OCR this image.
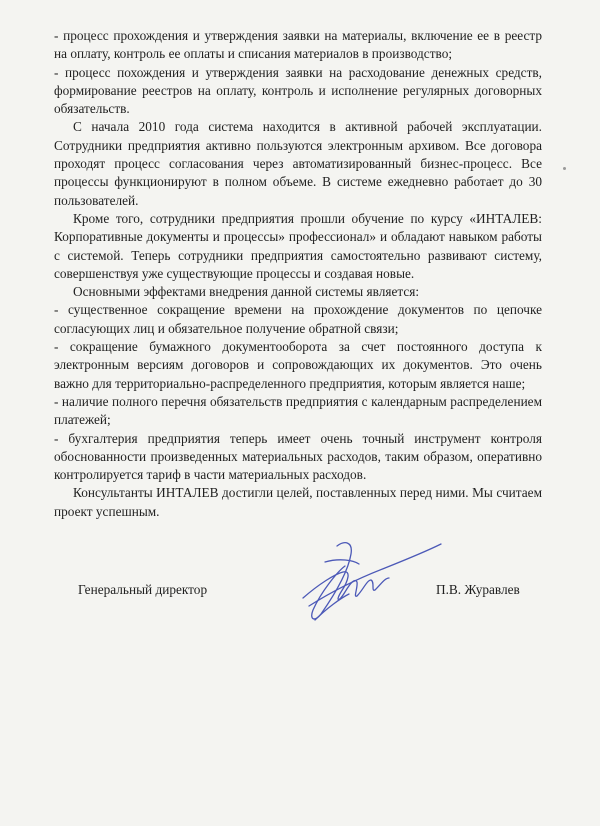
- процесс прохождения и утверждения заявки на материалы, включение ее в реестр на оплату, контроль ее оплаты и списания материалов в производство;

- процесс похождения и утверждения заявки на расходование денежных средств, формирование реестров на оплату, контроль и исполнение регулярных договорных обязательств.

С начала 2010 года система находится в активной рабочей эксплуатации. Сотрудники предприятия активно пользуются электронным архивом. Все договора проходят процесс согласования через автоматизированный бизнес-процесс. Все процессы функционируют в полном объеме. В системе ежедневно работает до 30 пользователей.

Кроме того, сотрудники предприятия прошли обучение по курсу «ИНТАЛЕВ: Корпоративные документы и процессы» профессионал» и обладают навыком работы с системой. Теперь сотрудники предприятия самостоятельно развивают систему, совершенствуя уже существующие процессы и создавая новые.

Основными эффектами внедрения данной системы является:

- существенное сокращение времени на прохождение документов по цепочке согласующих лиц и обязательное получение обратной связи;

- сокращение бумажного документооборота за счет постоянного доступа к электронным версиям договоров и сопровождающих их документов. Это очень важно для территориально-распределенного предприятия, которым является наше;

- наличие полного перечня обязательств предприятия с календарным распределением платежей;

- бухгалтерия предприятия теперь имеет очень точный инструмент контроля обоснованности произведенных материальных расходов, таким образом, оперативно контролируется тариф в части материальных расходов.

Консультанты ИНТАЛЕВ достигли целей, поставленных перед ними. Мы считаем проект успешным.

Генеральный директор	П.В. Журавлев
